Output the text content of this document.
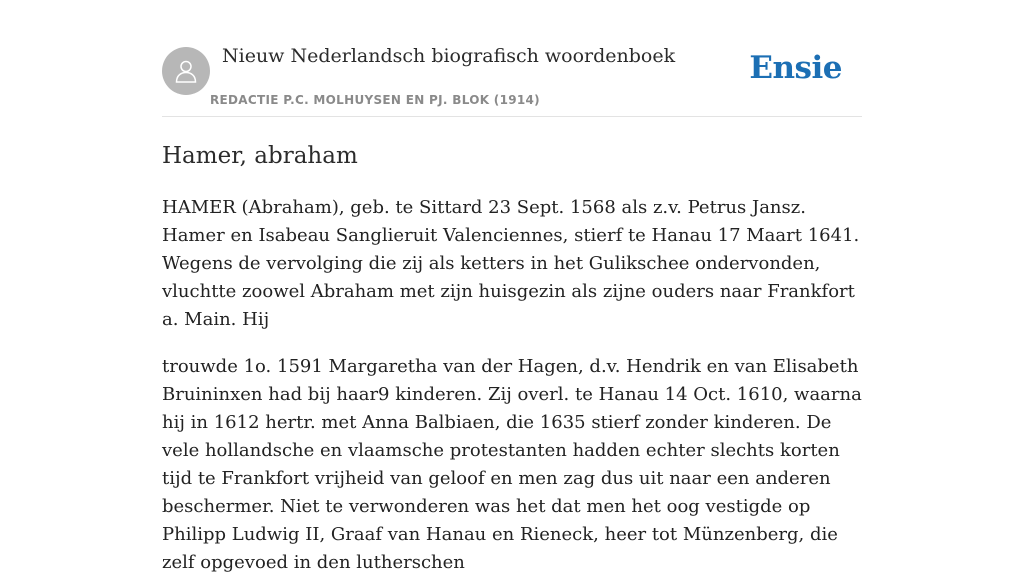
Nieuw Nederlandsch biografisch woordenboek
REDACTIE P.C. MOLHUYSEN EN PJ. BLOK (1914)
Ensie
Hamer, abraham

HAMER (Abraham), geb. te Sittard 23 Sept. 1568 als z.v. Petrus Jansz. Hamer en Isabeau Sanglieruit Valenciennes, stierf te Hanau 17 Maart 1641. Wegens de vervolging die zij als ketters in het Gulikschee ondervonden, vluchtte zoowel Abraham met zijn huisgezin als zijne ouders naar Frankfort a. Main. Hij

trouwde 1o. 1591 Margaretha van der Hagen, d.v. Hendrik en van Elisabeth Bruininxen had bij haar9 kinderen. Zij overl. te Hanau 14 Oct. 1610, waarna hij in 1612 hertr. met Anna Balbiaen, die 1635 stierf zonder kinderen. De vele hollandsche en vlaamsche protestanten hadden echter slechts korten tijd te Frankfort vrijheid van geloof en men zag dus uit naar een anderen beschermer. Niet te verwonderen was het dat men het oog vestigde op Philipp Ludwig II, Graaf van Hanau en Rieneck, heer tot Münzenberg, die zelf opgevoed in den lutherschen
